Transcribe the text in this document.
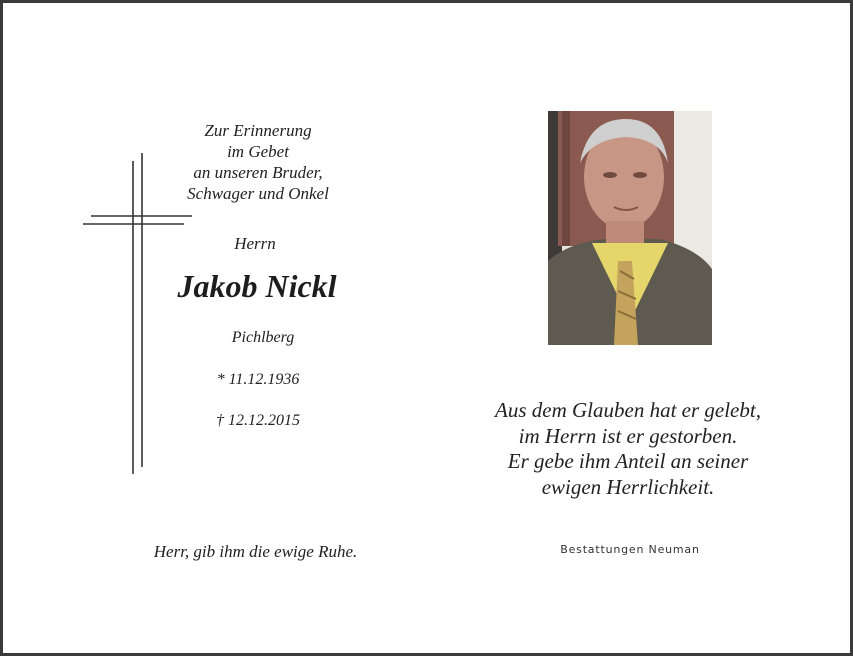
Zur Erinnerung
im Gebet
an unseren Bruder,
Schwager und Onkel
Herrn
Jakob Nickl
Pichlberg
* 11.12.1936
† 12.12.2015
Herr, gib ihm die ewige Ruhe.
Aus dem Glauben hat er gelebt,
im Herrn ist er gestorben.
Er gebe ihm Anteil an seiner
ewigen Herrlichkeit.
Bestattungen Neuman
